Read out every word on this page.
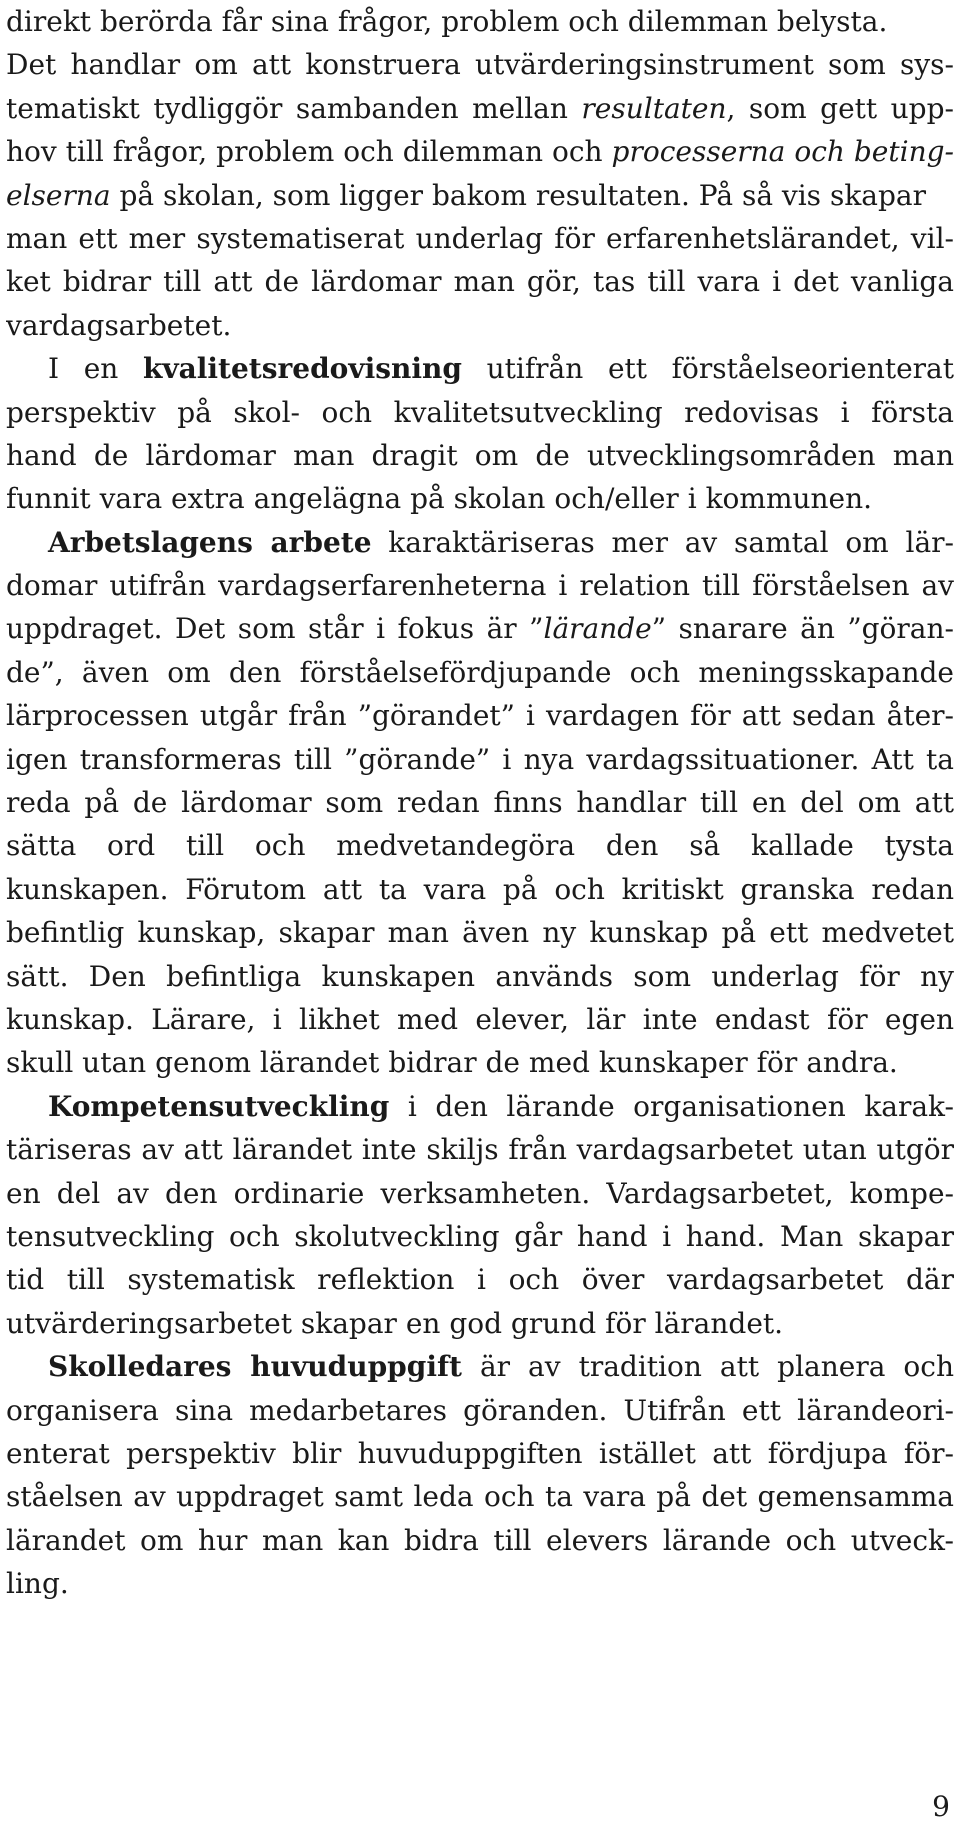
direkt berörda får sina frågor, problem och dilemman belysta.
Det handlar om att konstruera utvärderingsinstrument som sys-
tematiskt tydliggör sambanden mellan resultaten, som gett upp-
hov till frågor, problem och dilemman och processerna och beting-
elserna på skolan, som ligger bakom resultaten. På så vis skapar
man ett mer systematiserat underlag för erfarenhetslärandet, vil-
ket bidrar till att de lärdomar man gör, tas till vara i det vanliga
vardagsarbetet.
I en kvalitetsredovisning utifrån ett förståelseorienterat
perspektiv på skol- och kvalitetsutveckling redovisas i första
hand de lärdomar man dragit om de utvecklingsområden man
funnit vara extra angelägna på skolan och/eller i kommunen.
Arbetslagens arbete karaktäriseras mer av samtal om lär-
domar utifrån vardagserfarenheterna i relation till förståelsen av
uppdraget. Det som står i fokus är ”lärande” snarare än ”göran-
de”, även om den förståelsefördjupande och meningsskapande
lärprocessen utgår från ”görandet” i vardagen för att sedan åter-
igen transformeras till ”görande” i nya vardagssituationer. Att ta
reda på de lärdomar som redan finns handlar till en del om att
sätta ord till och medvetandegöra den så kallade tysta
kunskapen. Förutom att ta vara på och kritiskt granska redan
befintlig kunskap, skapar man även ny kunskap på ett medvetet
sätt. Den befintliga kunskapen används som underlag för ny
kunskap. Lärare, i likhet med elever, lär inte endast för egen
skull utan genom lärandet bidrar de med kunskaper för andra.
Kompetensutveckling i den lärande organisationen karak-
täriseras av att lärandet inte skiljs från vardagsarbetet utan utgör
en del av den ordinarie verksamheten. Vardagsarbetet, kompe-
tensutveckling och skolutveckling går hand i hand. Man skapar
tid till systematisk reflektion i och över vardagsarbetet där
utvärderingsarbetet skapar en god grund för lärandet.
Skolledares huvuduppgift är av tradition att planera och
organisera sina medarbetares göranden. Utifrån ett lärandeori-
enterat perspektiv blir huvuduppgiften istället att fördjupa för-
ståelsen av uppdraget samt leda och ta vara på det gemensamma
lärandet om hur man kan bidra till elevers lärande och utveck-
ling.
9
